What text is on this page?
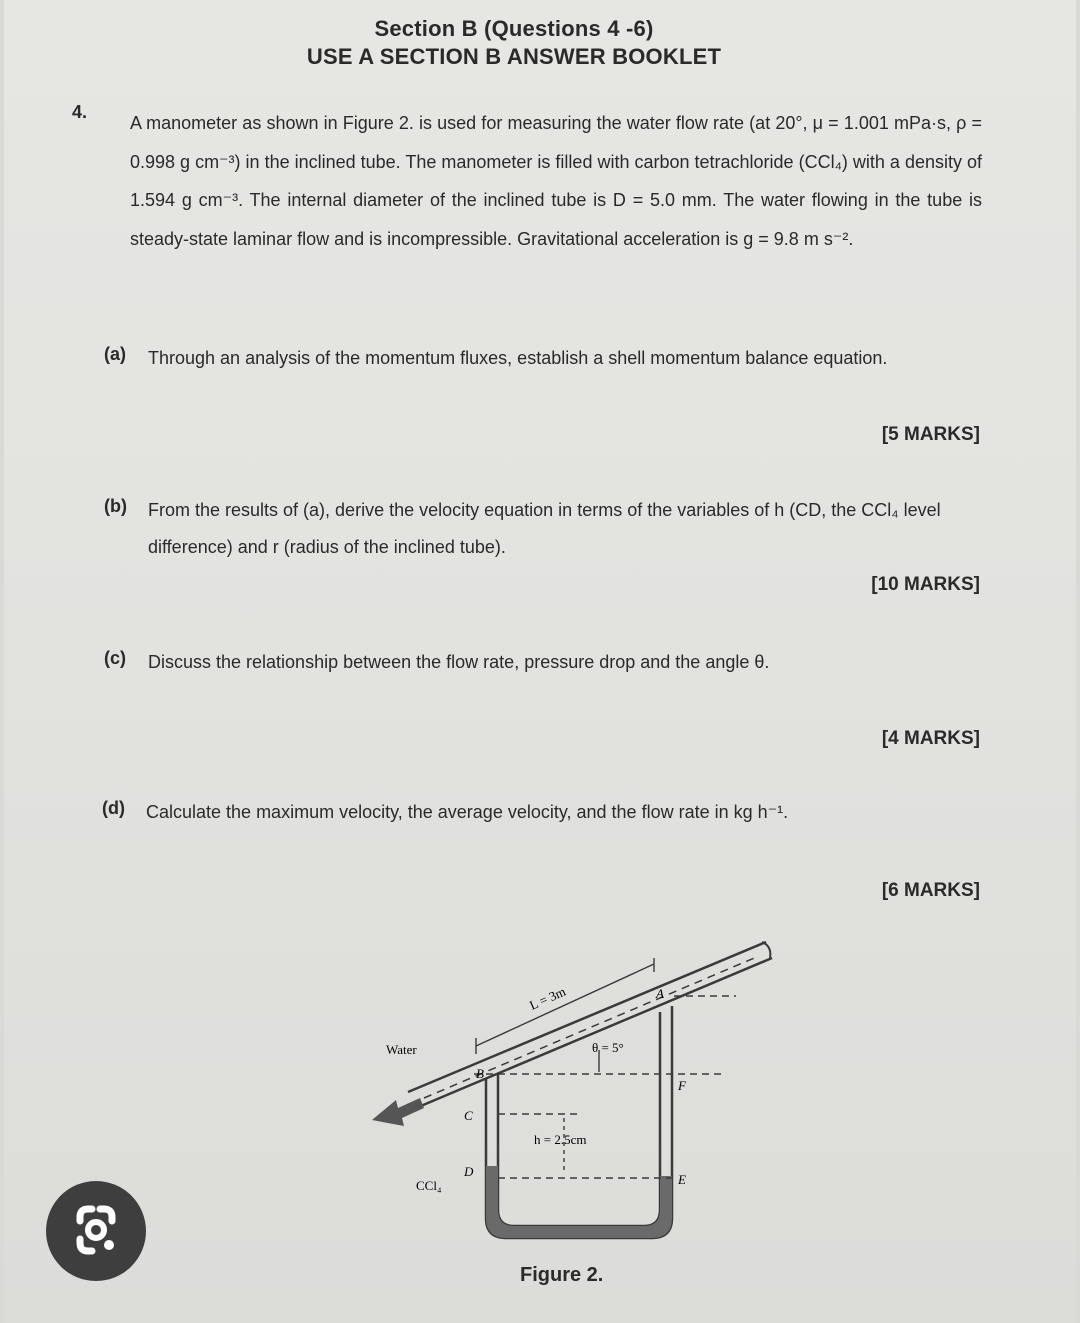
Section B (Questions 4 -6)
USE A SECTION B ANSWER BOOKLET
4.
A manometer as shown in Figure 2. is used for measuring the water flow rate (at 20°, μ = 1.001 mPa·s, ρ = 0.998 g cm⁻³) in the inclined tube. The manometer is filled with carbon tetrachloride (CCl₄) with a density of 1.594 g cm⁻³. The internal diameter of the inclined tube is D = 5.0 mm. The water flowing in the tube is steady-state laminar flow and is incompressible. Gravitational acceleration is g = 9.8 m s⁻².
(a) Through an analysis of the momentum fluxes, establish a shell momentum balance equation.
[5 MARKS]
(b) From the results of (a), derive the velocity equation in terms of the variables of h (CD, the CCl₄ level difference) and r (radius of the inclined tube).
[10 MARKS]
(c) Discuss the relationship between the flow rate, pressure drop and the angle θ.
[4 MARKS]
(d) Calculate the maximum velocity, the average velocity, and the flow rate in kg h⁻¹.
[6 MARKS]
Water
L = 3m
θ = 5°
h = 2.5cm
CCl₄
A
B
C
D
E
F
Figure 2.
